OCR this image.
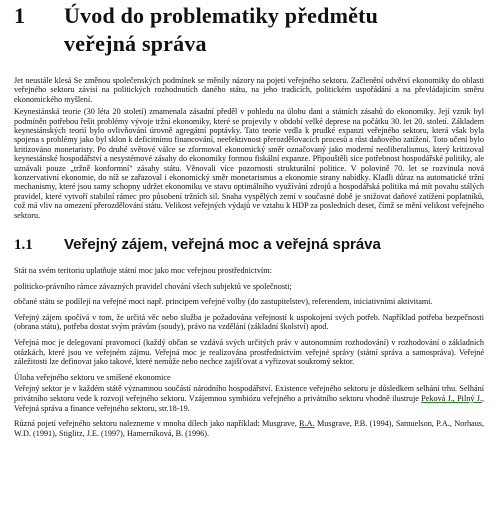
1	Úvod do problematiky předmětu
veřejná správa

Jet neustále klesá Se změnou společenských podmínek se měnily názory na pojetí veřejného sektoru. Začlenění odvětví ekonomiky do oblasti veřejného sektoru závisí na politických rozhodnutích daného státu, na jeho tradicích, politickém uspořádání a na převládajícím směru ekonomického myšlení.

Keynesiánská teorie (30 léta 20 století) zmamenala zásadní předěl v pohledu na úlohu dani a státních zásahů do ekonomiky. Její vznik byl podmíněn potřebou řešit problémy vývoje tržní ekonomiky, které se projevily v období velké deprese na počátku 30. let 20. století. Základem keynesiánských teorií bylo ovlivňování úrovně agregátní poptávky. Tato teorie vedla k prudké expanzi veřejného sektoru, která však byla spojena s problémy jako byl sklon k deficitnímu financování, neefektivnost přerozdělovacích procesů a růst daňového zatížení. Toto učení bylo kritizováno monetaristy. Po druhé světové válce se zformoval ekonomický směr označovaný jako moderní neoliberalismus, který kritizoval keynesiánské hospodářství a nesystémové zásahy do ekonomiky formou fiskální expanze. Připouštěli sice potřebnost hospodářské politiky, ale uznávali pouze „tržně konformní" zásahy státu. Věnovali více pozornosti strukturální politice. V polovině 70. let se rozvinula nová konzervativní ekonomie, do níž se zařazoval i ekonomický směr monetarismus a ekonomie strany nabídky. Kladli důraz na automatické tržní mechanismy, které jsou samy schopny udržet ekonomiku ve stavu optimálního využívání zdrojů a hospodářská politika má mít povahu stálých pravidel, které vytvoří stabilní rámec pro působení tržních sil. Snaha vyspělých zemí v současné době je snižovat daňové zatížení poplatníků, což má vliv na omezení přerozdělování státu. Velikost veřejných výdajů ve vztahu k HDP za posledních deset, čímž se mění velikost veřejného sektoru.

1.1	Veřejný zájem, veřejná moc a veřejná správa

Stát na svém teritoriu uplatňuje státní moc jako moc veřejnou prostřednictvím:

politicko-právního rámce závazných pravidel chování všech subjektů ve společnosti;

občané státu se podílejí na veřejné moci např. principem veřejné volby (do zastupitelstev), referendem, iniciativními aktivitami.

Veřejný zájem spočívá v tom, že určitá věc nebo služba je požadována veřejností k uspokojení svých potřeb. Například potřeba bezpečnosti (obrana státu), potřeba dostat svým právům (soudy), právo na vzdělání (základní školství) apod.

Veřejná moc je delegovaní pravomocí (každý občan se vzdává svých určitých práv v autonomním rozhodování) v rozhodování o základních otázkách, které jsou ve veřejném zájmu. Veřejná moc je realizována prostřednictvím veřejné správy (státní správa a samospráva). Veřejné záležitosti lze definovat jako takové, které nemůže nebo nechce zajišťovat a vyřizovat soukromý sektor.

Úloha veřejného sektoru ve smíšené ekonomice

Veřejný sektor je v každém státě významnou součástí národního hospodářství. Existence veřejného sektoru je důsledkem selhání trhu. Selhání privátního sektoru vede k rozvoji veřejného sektoru. Vzájemnou symbiózu veřejného a privátního sektoru vhodně ilustruje Peková J., Pilný J., Veřejná správa a finance veřejného sektoru, str.18-19.

Různá pojetí veřejného sektoru nalezneme v mnoha dílech jako například: Musgrave, R.A. Musgrave, P.B. (1994), Samuelson, P.A., Norhaus, W.D. (1991), Stiglitz, J.E. (1997), Hamerníková, B. (1996).
